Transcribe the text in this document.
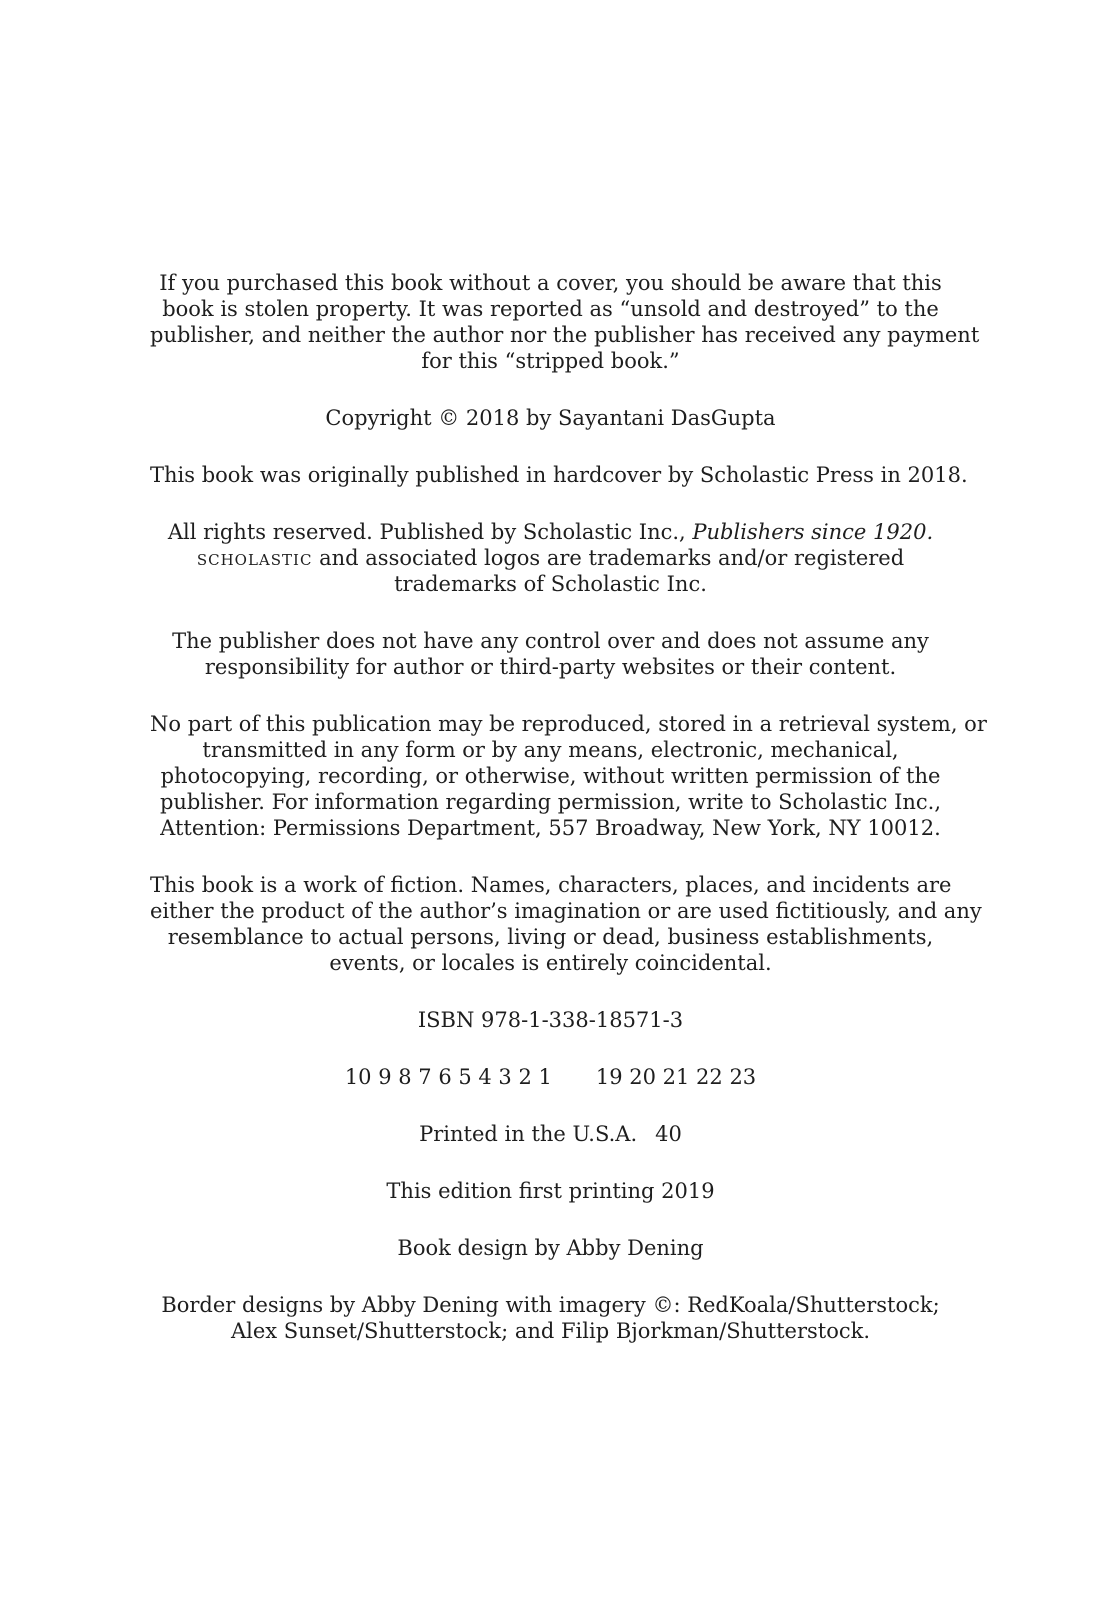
If you purchased this book without a cover, you should be aware that this
book is stolen property. It was reported as “unsold and destroyed” to the
publisher, and neither the author nor the publisher has received any payment
for this “stripped book.”

Copyright © 2018 by Sayantani DasGupta

This book was originally published in hardcover by Scholastic Press in 2018.

All rights reserved. Published by Scholastic Inc., Publishers since 1920.
scholastic and associated logos are trademarks and/or registered
trademarks of Scholastic Inc.

The publisher does not have any control over and does not assume any
responsibility for author or third-party websites or their content.

No part of this publication may be reproduced, stored in a retrieval system, or
transmitted in any form or by any means, electronic, mechanical,
photocopying, recording, or otherwise, without written permission of the
publisher. For information regarding permission, write to Scholastic Inc.,
Attention: Permissions Department, 557 Broadway, New York, NY 10012.

This book is a work of fiction. Names, characters, places, and incidents are
either the product of the author’s imagination or are used fictitiously, and any
resemblance to actual persons, living or dead, business establishments,
events, or locales is entirely coincidental.

ISBN 978-1-338-18571-3

10 9 8 7 6 5 4 3 2 1 19 20 21 22 23

Printed in the U.S.A. 40

This edition first printing 2019

Book design by Abby Dening

Border designs by Abby Dening with imagery ©: RedKoala/Shutterstock;
Alex Sunset/Shutterstock; and Filip Bjorkman/Shutterstock.
